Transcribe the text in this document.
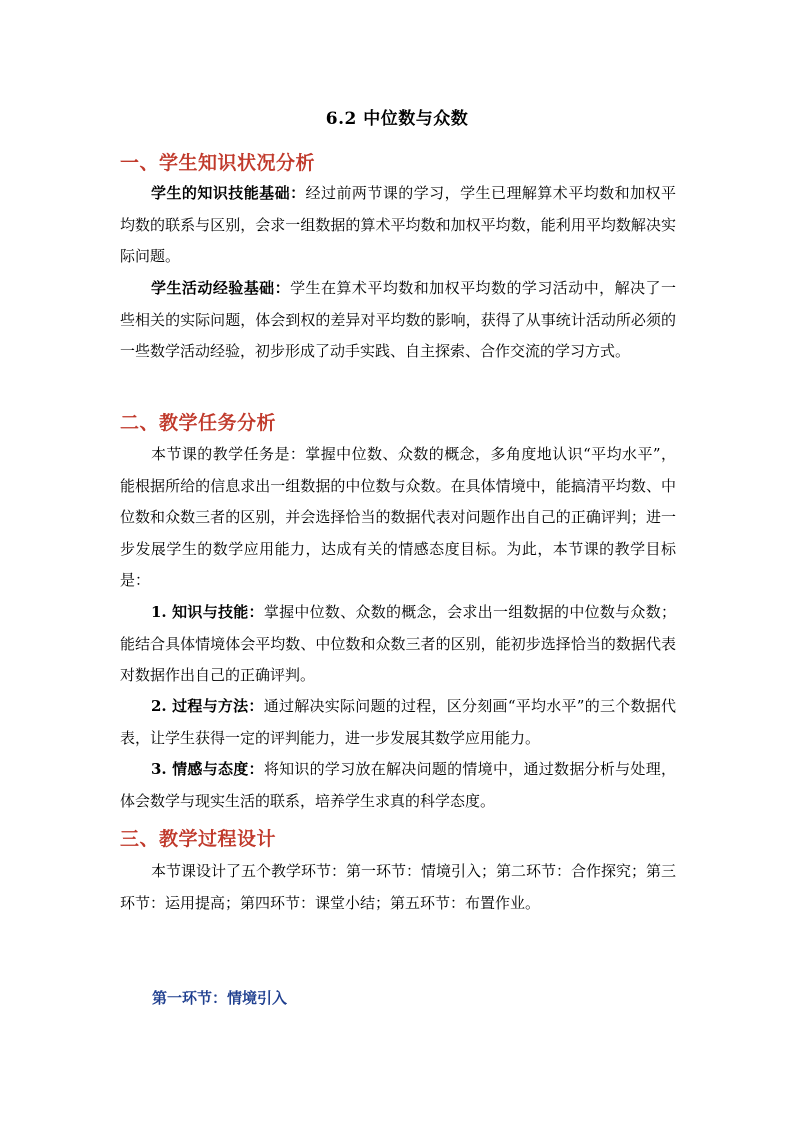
6.2 中位数与众数
一、学生知识状况分析

学生的知识技能基础：经过前两节课的学习，学生已理解算术平均数和加权平均数的联系与区别，会求一组数据的算术平均数和加权平均数，能利用平均数解决实际问题。

学生活动经验基础：学生在算术平均数和加权平均数的学习活动中，解决了一些相关的实际问题，体会到权的差异对平均数的影响，获得了从事统计活动所必须的一些数学活动经验，初步形成了动手实践、自主探索、合作交流的学习方式。

二、教学任务分析

本节课的教学任务是：掌握中位数、众数的概念，多角度地认识“平均水平”，能根据所给的信息求出一组数据的中位数与众数。在具体情境中，能搞清平均数、中位数和众数三者的区别，并会选择恰当的数据代表对问题作出自己的正确评判；进一步发展学生的数学应用能力，达成有关的情感态度目标。为此，本节课的教学目标是：

1. 知识与技能：掌握中位数、众数的概念，会求出一组数据的中位数与众数；能结合具体情境体会平均数、中位数和众数三者的区别，能初步选择恰当的数据代表对数据作出自己的正确评判。

2. 过程与方法：通过解决实际问题的过程，区分刻画“平均水平”的三个数据代表，让学生获得一定的评判能力，进一步发展其数学应用能力。

3. 情感与态度：将知识的学习放在解决问题的情境中，通过数据分析与处理，体会数学与现实生活的联系，培养学生求真的科学态度。

三、教学过程设计

本节课设计了五个教学环节：第一环节：情境引入；第二环节：合作探究；第三环节：运用提高；第四环节：课堂小结；第五环节：布置作业。

第一环节：情境引入
